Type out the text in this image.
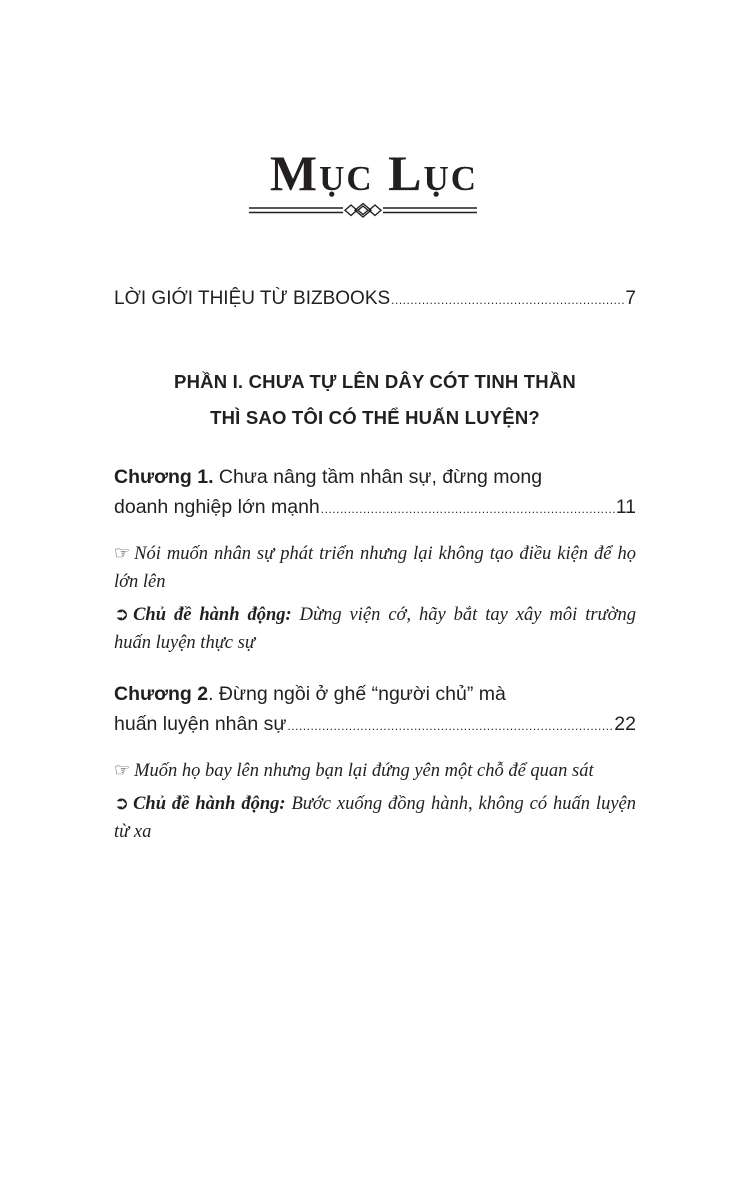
Mục Lục
LỜI GIỚI THIỆU TỪ BIZBOOKS .....	7
PHẦN I. CHƯA TỰ LÊN DÂY CÓT TINH THẦN
THÌ SAO TÔI CÓ THỂ HUẤN LUYỆN?
Chương 1. Chưa nâng tầm nhân sự, đừng mong
doanh nghiệp lớn mạnh .....	11
☞ Nói muốn nhân sự phát triển nhưng lại không tạo điều kiện để họ lớn lên
➲ Chủ đề hành động: Dừng viện cớ, hãy bắt tay xây môi trường huấn luyện thực sự
Chương 2. Đừng ngồi ở ghế “người chủ” mà
huấn luyện nhân sự .....	22
☞ Muốn họ bay lên nhưng bạn lại đứng yên một chỗ để quan sát
➲ Chủ đề hành động: Bước xuống đồng hành, không có huấn luyện từ xa
